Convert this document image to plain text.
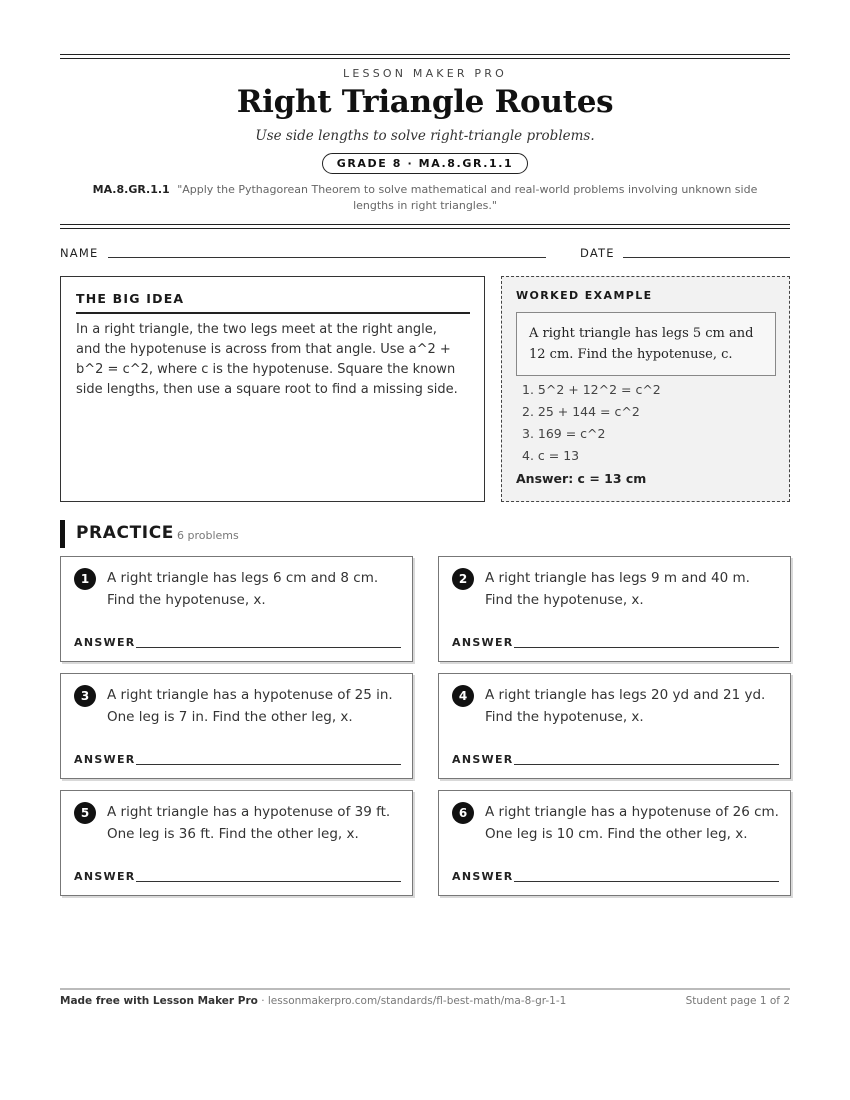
LESSON MAKER PRO
Right Triangle Routes
Use side lengths to solve right-triangle problems.
GRADE 8 · MA.8.GR.1.1
MA.8.GR.1.1 "Apply the Pythagorean Theorem to solve mathematical and real-world problems involving unknown side lengths in right triangles."
NAME	DATE
THE BIG IDEA
In a right triangle, the two legs meet at the right angle, and the hypotenuse is across from that angle. Use a^2 + b^2 = c^2, where c is the hypotenuse. Square the known side lengths, then use a square root to find a missing side.
WORKED EXAMPLE
A right triangle has legs 5 cm and 12 cm. Find the hypotenuse, c.
1. 5^2 + 12^2 = c^2
2. 25 + 144 = c^2
3. 169 = c^2
4. c = 13
Answer: c = 13 cm
PRACTICE 6 problems
1	A right triangle has legs 6 cm and 8 cm. Find the hypotenuse, x.
ANSWER
2	A right triangle has legs 9 m and 40 m. Find the hypotenuse, x.
ANSWER
3	A right triangle has a hypotenuse of 25 in. One leg is 7 in. Find the other leg, x.
ANSWER
4	A right triangle has legs 20 yd and 21 yd. Find the hypotenuse, x.
ANSWER
5	A right triangle has a hypotenuse of 39 ft. One leg is 36 ft. Find the other leg, x.
ANSWER
6	A right triangle has a hypotenuse of 26 cm. One leg is 10 cm. Find the other leg, x.
ANSWER
Made free with Lesson Maker Pro · lessonmakerpro.com/standards/fl-best-math/ma-8-gr-1-1	Student page 1 of 2
